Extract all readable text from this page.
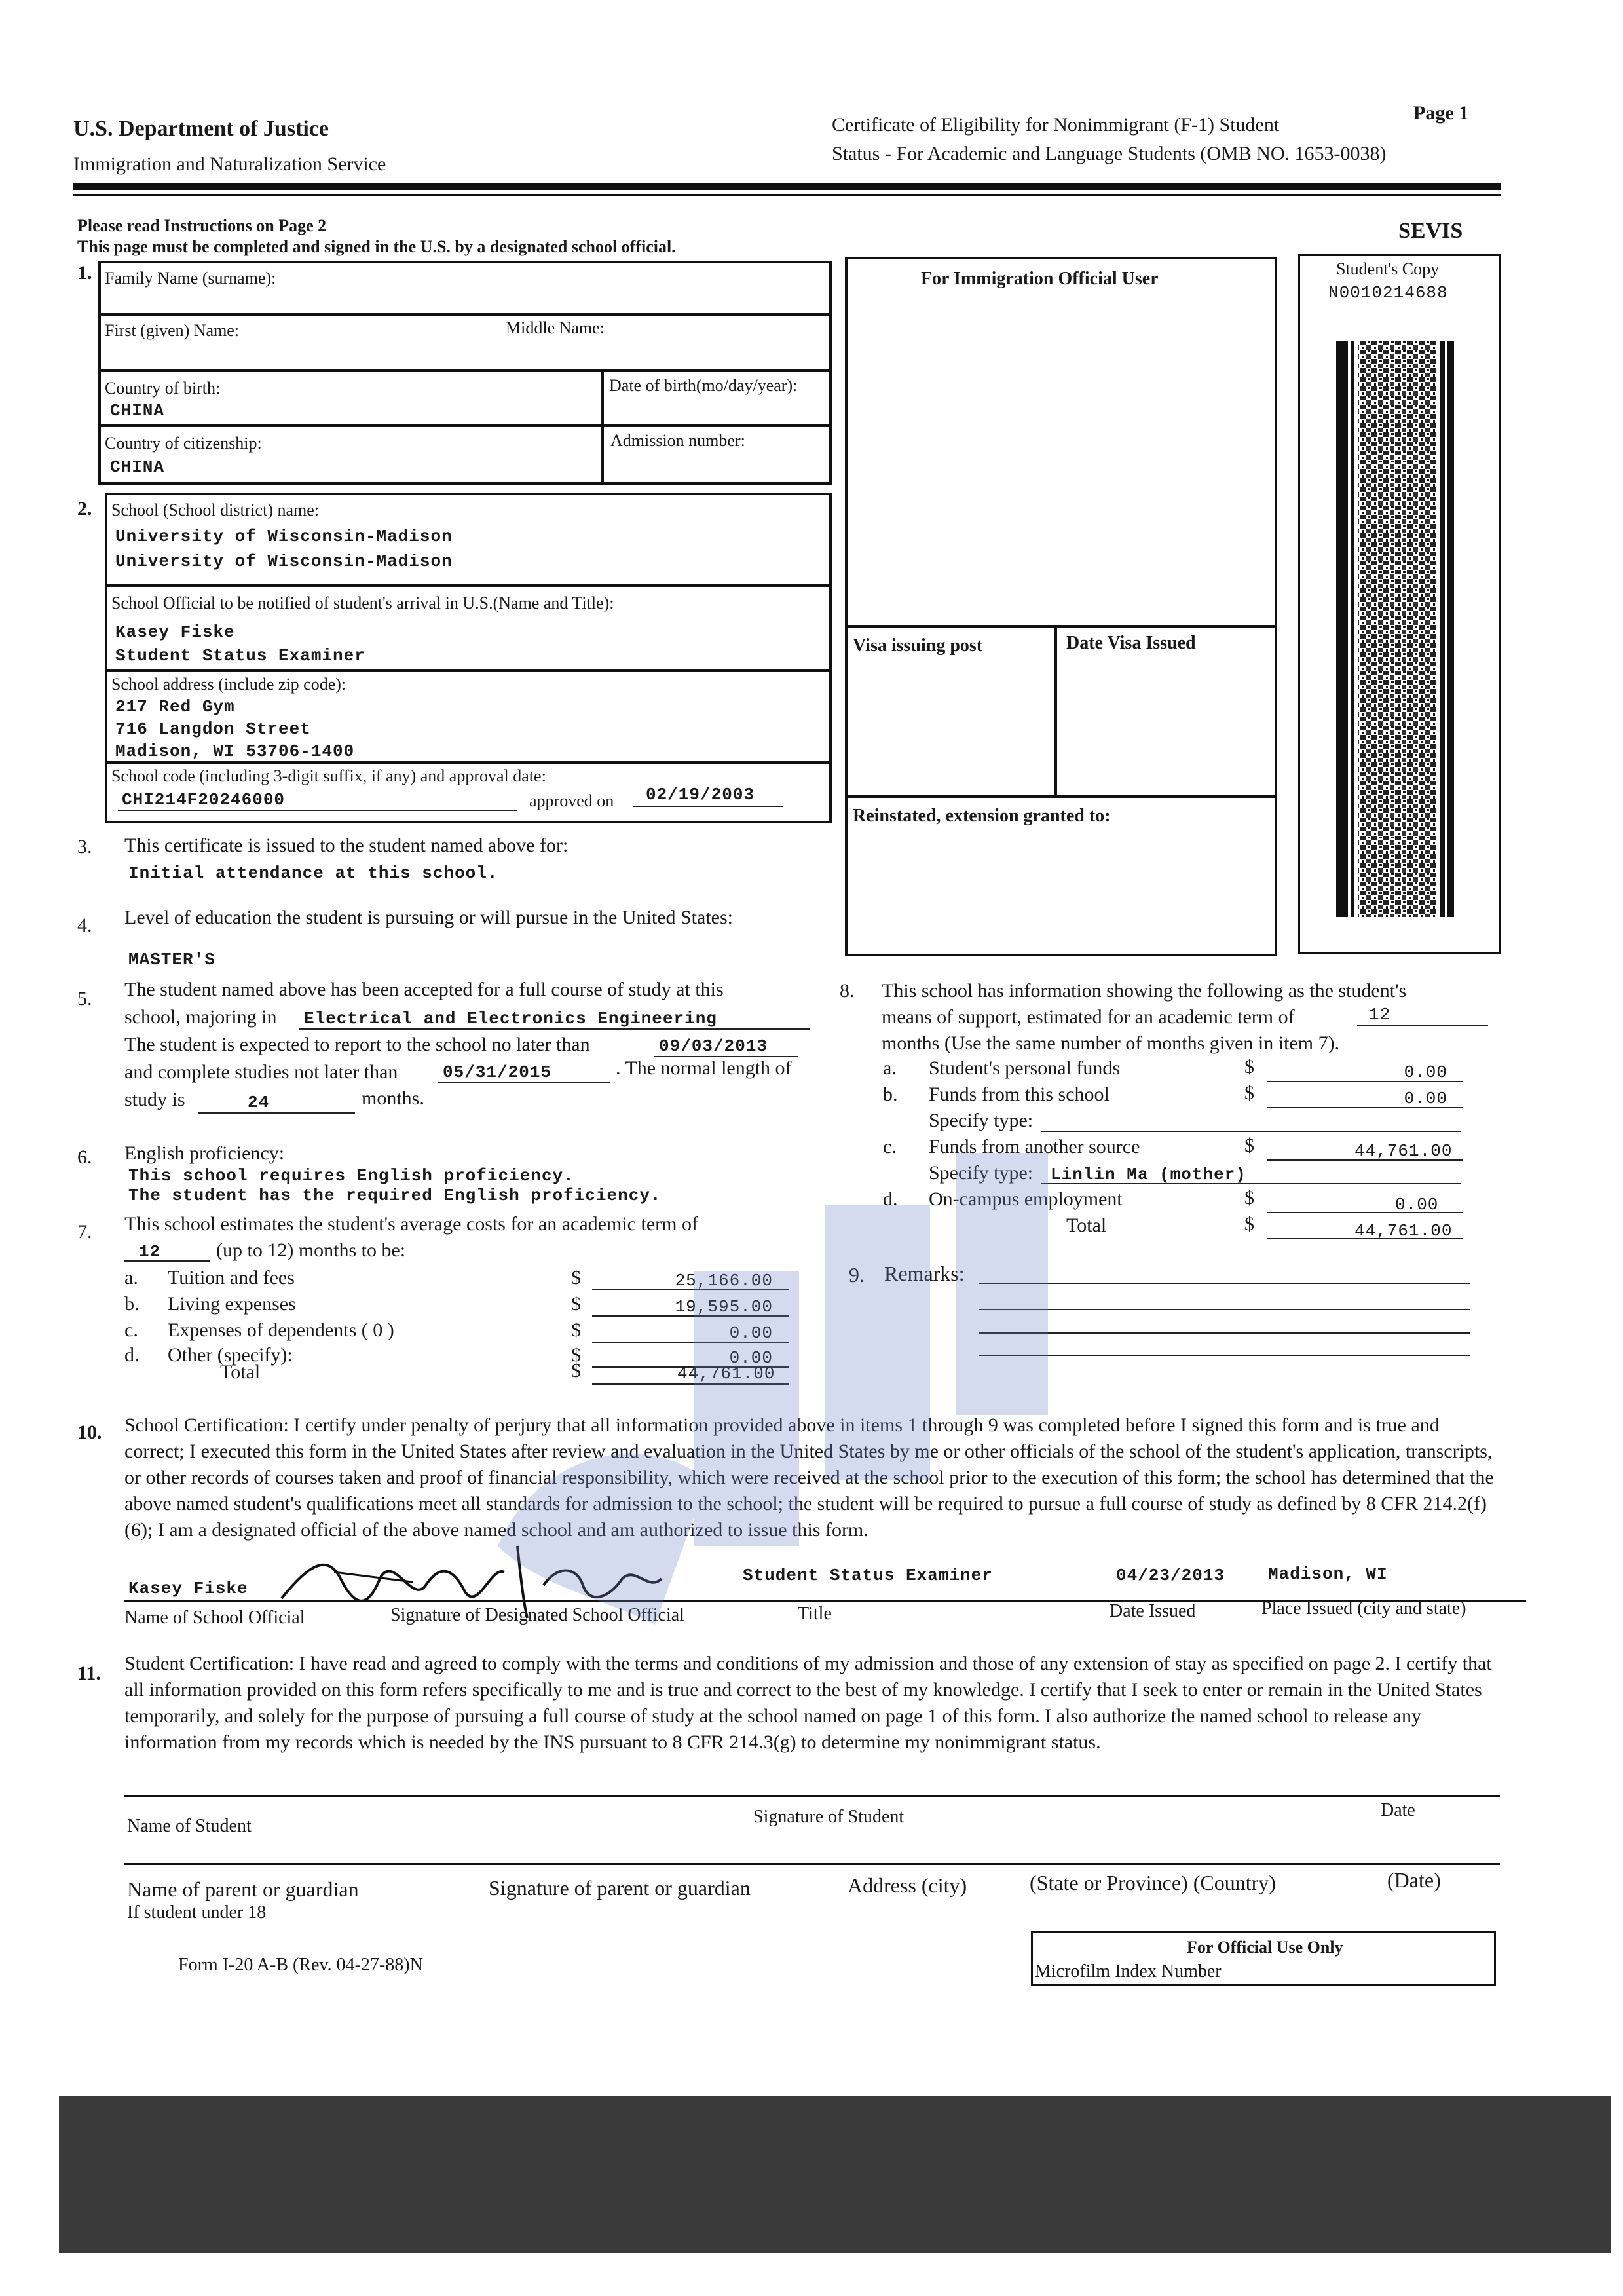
U.S. Department of Justice
Immigration and Naturalization Service
Certificate of Eligibility for Nonimmigrant (F-1) Student
Status - For Academic and Language Students (OMB NO. 1653-0038)
Page 1
Please read Instructions on Page 2
This page must be completed and signed in the U.S. by a designated school official.
SEVIS
1. Family Name (surname):
First (given) Name:	Middle Name:
Country of birth:
CHINA
Date of birth(mo/day/year):
Country of citizenship:
CHINA
Admission number:
2. School (School district) name:
University of Wisconsin-Madison
University of Wisconsin-Madison
School Official to be notified of student's arrival in U.S.(Name and Title):
Kasey Fiske
Student Status Examiner
School address (include zip code):
217 Red Gym
716 Langdon Street
Madison, WI 53706-1400
School code (including 3-digit suffix, if any) and approval date:
CHI214F20246000	approved on 02/19/2003
For Immigration Official User
Visa issuing post	Date Visa Issued
Reinstated, extension granted to:
Student's Copy
N0010214688
3. This certificate is issued to the student named above for:
Initial attendance at this school.
4. Level of education the student is pursuing or will pursue in the United States:
MASTER'S
5. The student named above has been accepted for a full course of study at this
school, majoring in Electrical and Electronics Engineering
The student is expected to report to the school no later than	09/03/2013
and complete studies not later than	05/31/2015	. The normal length of
study is	24	months.
6. English proficiency:
This school requires English proficiency.
The student has the required English proficiency.
7. This school estimates the student's average costs for an academic term of
12	(up to 12) months to be:
a. Tuition and fees	$	25,166.00
b. Living expenses	$	19,595.00
c. Expenses of dependents ( 0 )	$	0.00
d. Other (specify):	$	0.00
Total	$	44,761.00
8. This school has information showing the following as the student's
means of support, estimated for an academic term of	12
months (Use the same number of months given in item 7).
a. Student's personal funds	$	0.00
b. Funds from this school	$	0.00
Specify type:
c. Funds from another source	$	44,761.00
Specify type: Linlin Ma (mother)
d. On-campus employment	$	0.00
Total	$	44,761.00
9. Remarks:
10. School Certification: I certify under penalty of perjury that all information provided above in items 1 through 9 was completed before I signed this form and is true and correct; I executed this form in the United States after review and evaluation in the United States by me or other officials of the school of the student's application, transcripts, or other records of courses taken and proof of financial responsibility, which were received at the school prior to the execution of this form; the school has determined that the above named student's qualifications meet all standards for admission to the school; the student will be required to pursue a full course of study as defined by 8 CFR 214.2(f)(6); I am a designated official of the above named school and am authorized to issue this form.
Kasey Fiske
Student Status Examiner	04/23/2013	Madison, WI
Name of School Official	Signature of Designated School Official	Title	Date Issued	Place Issued (city and state)
11. Student Certification: I have read and agreed to comply with the terms and conditions of my admission and those of any extension of stay as specified on page 2. I certify that all information provided on this form refers specifically to me and is true and correct to the best of my knowledge. I certify that I seek to enter or remain in the United States temporarily, and solely for the purpose of pursuing a full course of study at the school named on page 1 of this form. I also authorize the named school to release any information from my records which is needed by the INS pursuant to 8 CFR 214.3(g) to determine my nonimmigrant status.
Name of Student	Signature of Student	Date
Name of parent or guardian
If student under 18
Signature of parent or guardian	Address (city)	(State or Province) (Country)	(Date)
Form I-20 A-B (Rev. 04-27-88)N
For Official Use Only
Microfilm Index Number
